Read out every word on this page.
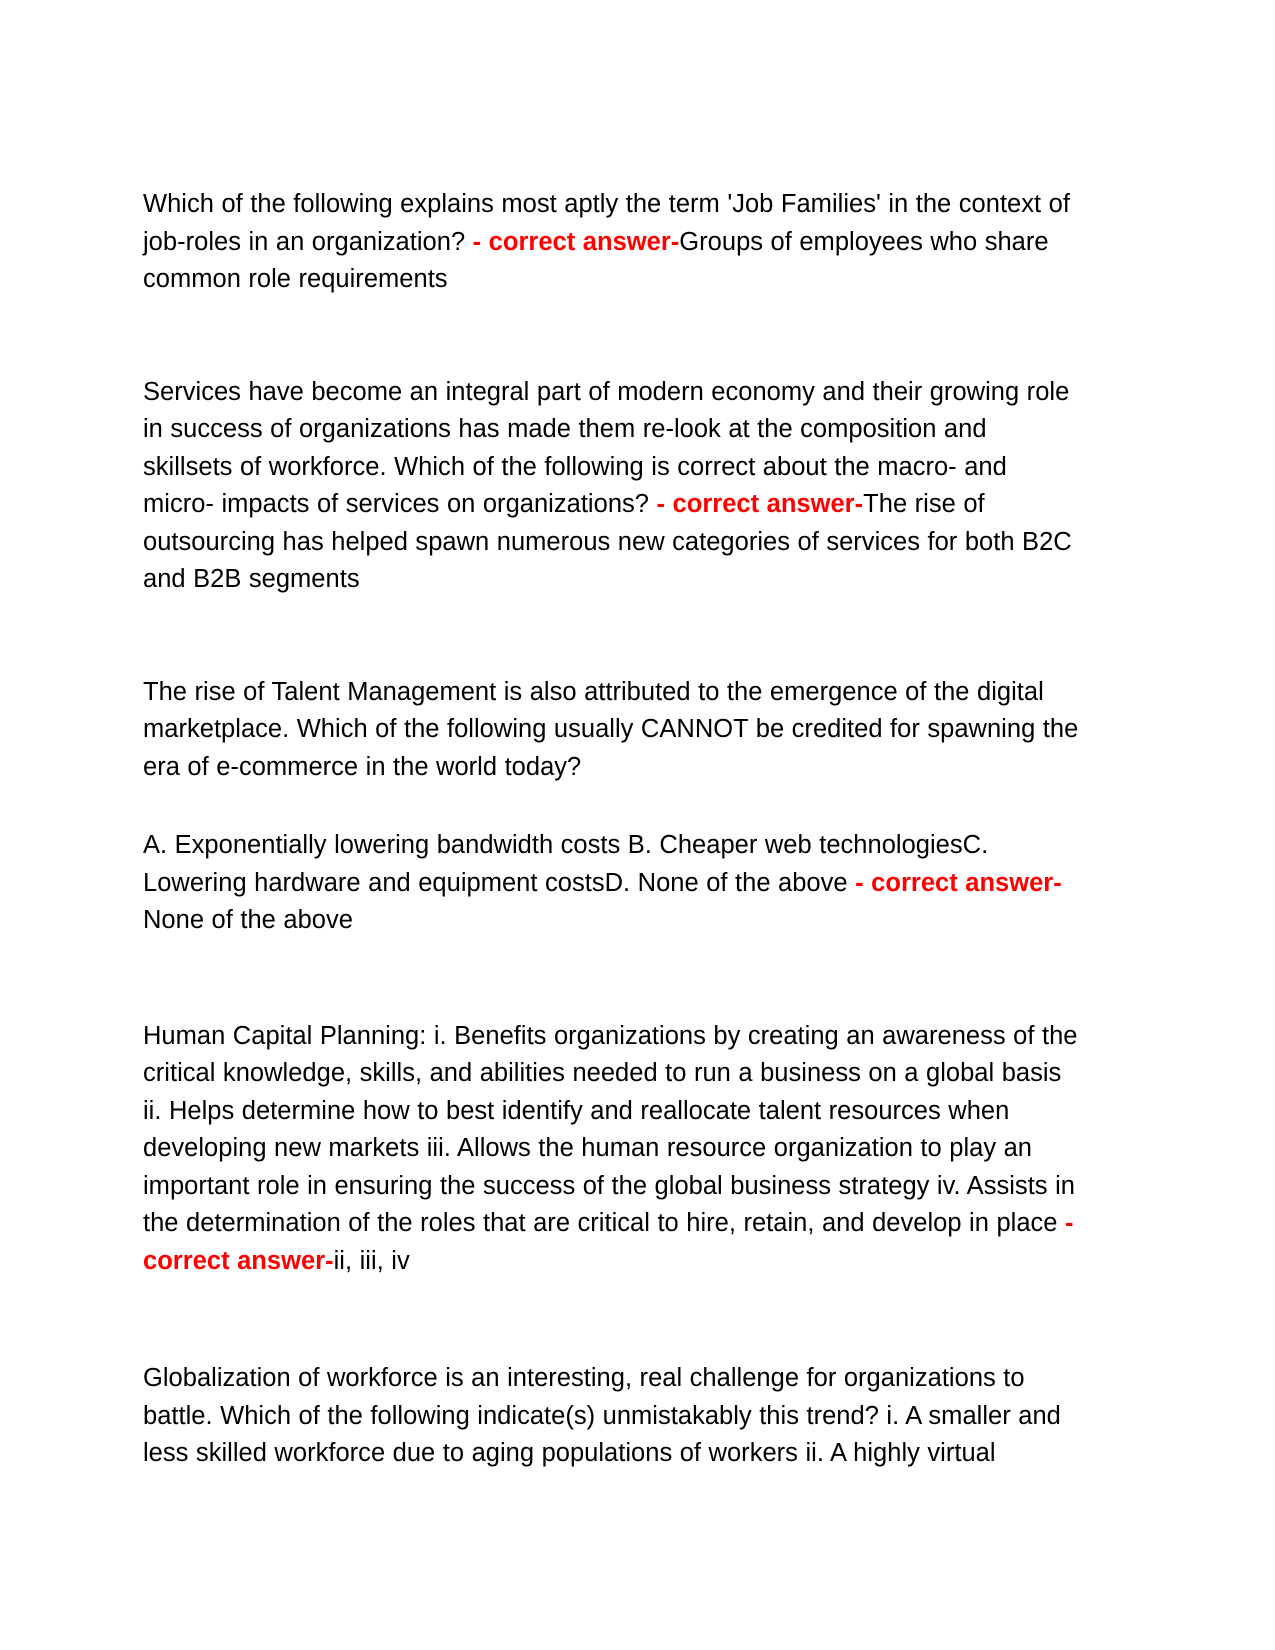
Which of the following explains most aptly the term 'Job Families' in the context of job-roles in an organization? - correct answer-Groups of employees who share common role requirements
Services have become an integral part of modern economy and their growing role in success of organizations has made them re-look at the composition and skillsets of workforce. Which of the following is correct about the macro- and micro- impacts of services on organizations? - correct answer-The rise of outsourcing has helped spawn numerous new categories of services for both B2C and B2B segments
The rise of Talent Management is also attributed to the emergence of the digital marketplace. Which of the following usually CANNOT be credited for spawning the era of e-commerce in the world today?
A. Exponentially lowering bandwidth costs B. Cheaper web technologiesC. Lowering hardware and equipment costsD. None of the above - correct answer-None of the above
Human Capital Planning: i. Benefits organizations by creating an awareness of the critical knowledge, skills, and abilities needed to run a business on a global basis ii. Helps determine how to best identify and reallocate talent resources when developing new markets iii. Allows the human resource organization to play an important role in ensuring the success of the global business strategy iv. Assists in the determination of the roles that are critical to hire, retain, and develop in place - correct answer-ii, iii, iv
Globalization of workforce is an interesting, real challenge for organizations to battle. Which of the following indicate(s) unmistakably this trend? i. A smaller and less skilled workforce due to aging populations of workers ii. A highly virtual
